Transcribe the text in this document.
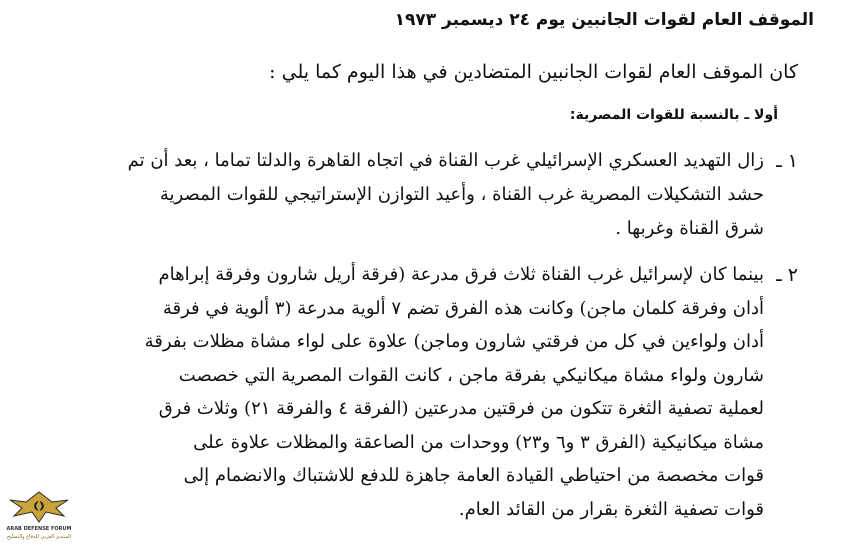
الموقف العام لقوات الجانبين يوم ٢٤ ديسمبر ١٩٧٣
كان الموقف العام لقوات الجانبين المتضادين في هذا اليوم كما يلي :
أولا ـ بالنسبة للقوات المصرية:
١ ـ
زال التهديد العسكري الإسرائيلي غرب القناة في اتجاه القاهرة والدلتا تماما ، بعد أن تم
حشد التشكيلات المصرية غرب القناة ، وأعيد التوازن الإستراتيجي للقوات المصرية
شرق القناة وغربها .
٢ ـ
بينما كان لإسرائيل غرب القناة ثلاث فرق مدرعة (فرقة أريل شارون وفرقة إبراهام
أدان وفرقة كلمان ماجن) وكانت هذه الفرق تضم ٧ ألوية مدرعة (٣ ألوية في فرقة
أدان ولواءين في كل من فرقتي شارون وماجن) علاوة على لواء مشاة مظلات بفرقة
شارون ولواء مشاة ميكانيكي بفرقة ماجن ، كانت القوات المصرية التي خصصت
لعملية تصفية الثغرة تتكون من فرقتين مدرعتين (الفرقة ٤ والفرقة ٢١) وثلاث فرق
مشاة ميكانيكية (الفرق ٣ و٦ و٢٣) ووحدات من الصاعقة والمظلات علاوة على
قوات مخصصة من احتياطي القيادة العامة جاهزة للدفع للاشتباك والانضمام إلى
قوات تصفية الثغرة بقرار من القائد العام.
ARAB DEFENSE FORUM
المنتدى العربي للدفاع والتسليح
